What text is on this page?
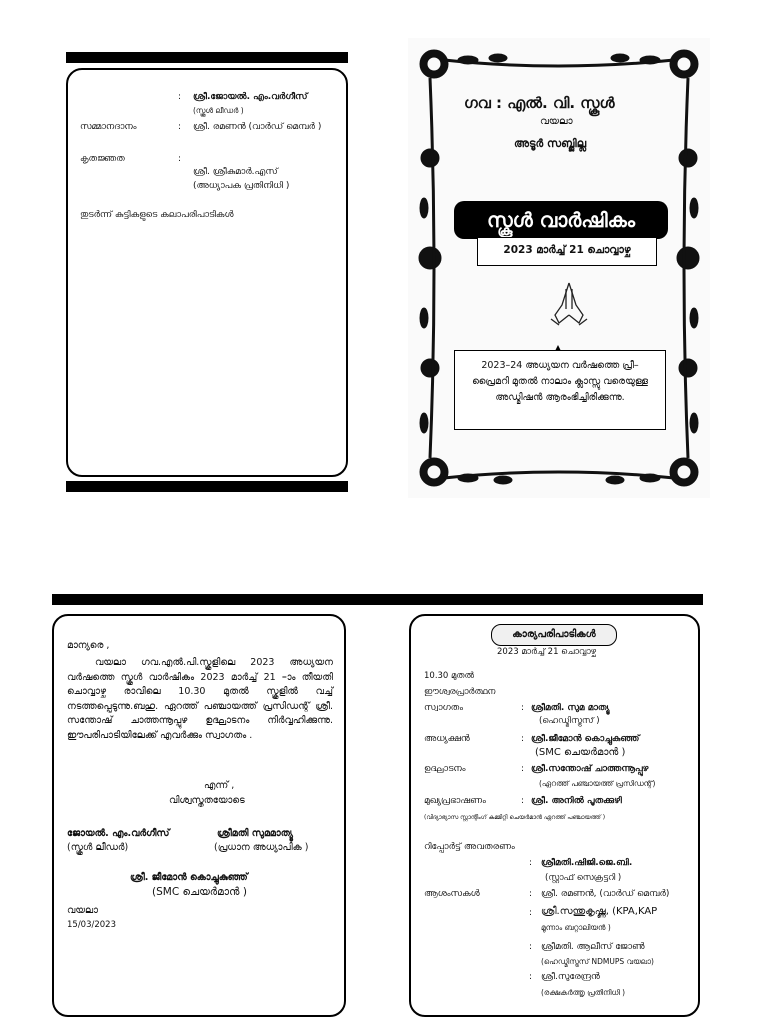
: ശ്രീ.ജോയൽ. എം.വർഗീസ്
(സ്കൂൾ ലീഡർ )
സമ്മാനദാനം	: ശ്രീ. രമണൻ (വാർഡ് മെമ്പർ )
കൃതജ്ഞത	:
ശ്രീ. ശ്രീകുമാർ.എസ്
(അധ്യാപക പ്രതിനിധി )
തുടർന്ന് കുട്ടികളുടെ കലാപരിപാടികൾ
ഗവ : എൽ. വി. സ്കൂൾ
വയലാ
അടൂർ സബ്ജില്ല
സ്കൂൾ വാർഷികം
2023 മാർച്ച് 21 ചൊവ്വാഴ്ച
2023–24 അധ്യയന വർഷത്തെ പ്രീ–പ്രൈമറി മുതൽ നാലാം ക്ലാസ്സു വരെയുള്ള അഡ്മിഷൻ ആരംഭിച്ചിരിക്കുന്നു.
മാന്യരെ ,
വയലാ ഗവ.എൽ.പി.സ്കൂളിലെ 2023 അധ്യയന വർഷത്തെ സ്കൂൾ വാർഷികം 2023 മാർച്ച് 21 –ാം തീയതി ചൊവ്വാഴ്ച രാവിലെ 10.30 മുതൽ സ്കൂളിൽ വച്ച് നടത്തപ്പെടുന്നു.ബഹു. ഏറത്ത് പഞ്ചായത്ത് പ്രസിഡന്റ് ശ്രീ. സന്തോഷ് ചാത്തന്നൂപ്പുഴ ഉദ്ഘാടനം നിർവ്വഹിക്കുന്നു. ഈപരിപാടിയിലേക്ക് എവർക്കും സ്വാഗതം .
എന്ന് ,
വിശ്വസ്തതയോടെ
ജോയൽ. എം.വർഗീസ്
(സ്കൂൾ ലീഡർ)
ശ്രീമതി സുമമാത്യൂ
(പ്രധാന അധ്യാപിക )
ശ്രീ. ജീമോൻ കൊച്ചുകുഞ്ഞ്
(SMC ചെയർമാൻ )
വയലാ
15/03/2023
കാര്യപരിപാടികൾ
2023 മാർച്ച് 21 ചൊവ്വാഴ്ച
10.30 മുതൽ
ഈശ്വരപ്രാർത്ഥന
സ്വാഗതം	: ശ്രീമതി. സുമ മാത്യൂ
(ഹെഡ്മിസ്ട്രസ് )
അധ്യക്ഷൻ	: ശ്രീ.ജീമോൻ കൊച്ചുകുഞ്ഞ്
(SMC ചെയർമാൻ )
ഉദ്ഘാടനം	: ശ്രീ.സന്തോഷ് ചാത്തന്നൂപ്പുഴ
(ഏറത്ത് പഞ്ചായത്ത് പ്രസിഡന്റ്)
മുഖ്യപ്രഭാഷണം	: ശ്രീ. അനിൽ പൂതക്കുഴി
(വിദ്യാഭ്യാസ സ്റ്റാന്റിംഗ് കമ്മിറ്റി ചെയർമാൻ ഏറത്ത് പഞ്ചായത്ത് )
റിപ്പോർട്ട് അവതരണം
: ശ്രീമതി.ഷിജി.ജെ.ബി.
(സ്റ്റാഫ് സെക്രട്ടറി )
ആശംസകൾ	: ശ്രീ. രമണൻ, (വാർഡ് മെമ്പർ)
: ശ്രീ.സന്തുകൃഷ്ണ, (KPA,KAP
മൂന്നാം ബറ്റാലിയൻ )
: ശ്രീമതി. ആലീസ് ജോൺ
(ഹെഡ്മിസ്ട്രസ് NDMUPS വയലാ)
: ശ്രീ.സുരേന്ദ്രൻ
(രക്ഷകർത്തൃ പ്രതിനിധി )
